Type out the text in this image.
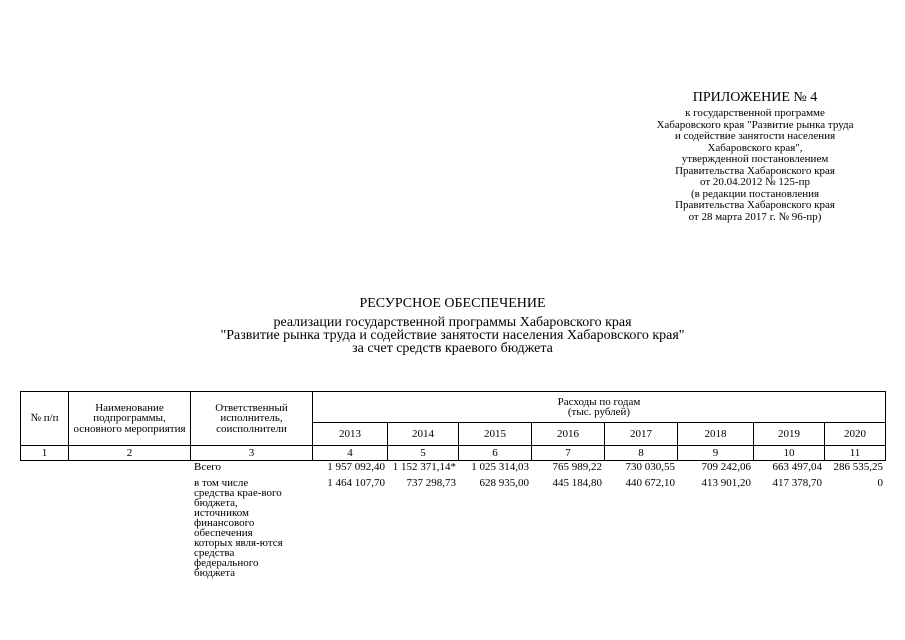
ПРИЛОЖЕНИЕ № 4
к государственной программе
Хабаровского края "Развитие рынка труда
и содействие занятости населения
Хабаровского края",
утвержденной постановлением
Правительства Хабаровского края
от 20.04.2012 № 125-пр
(в редакции постановления
Правительства Хабаровского края
от 28 марта 2017 г. № 96-пр)
РЕСУРСНОЕ ОБЕСПЕЧЕНИЕ
реализации государственной программы Хабаровского края
"Развитие рынка труда и содействие занятости населения Хабаровского края"
за счет средств краевого бюджета
№ п/п	Наименование подпрограммы, основного мероприятия	Ответственный исполнитель, соисполнители	Расходы по годам
(тыс. рублей)							

			2013	2014	2015	2016	2017	2018	2019	2020
1	2	3	4	5	6	7	8	9	10	11
		Всего	1 957 092,40	1 152 371,14*	1 025 314,03	765 989,22	730 030,55	709 242,06	663 497,04	286 535,25

		в том числе средства крае-вого бюджета, источником финансового обеспечения которых явля-ются средства федерального бюджета	1 464 107,70	737 298,73	628 935,00	445 184,80	440 672,10	413 901,20	417 378,70	0
